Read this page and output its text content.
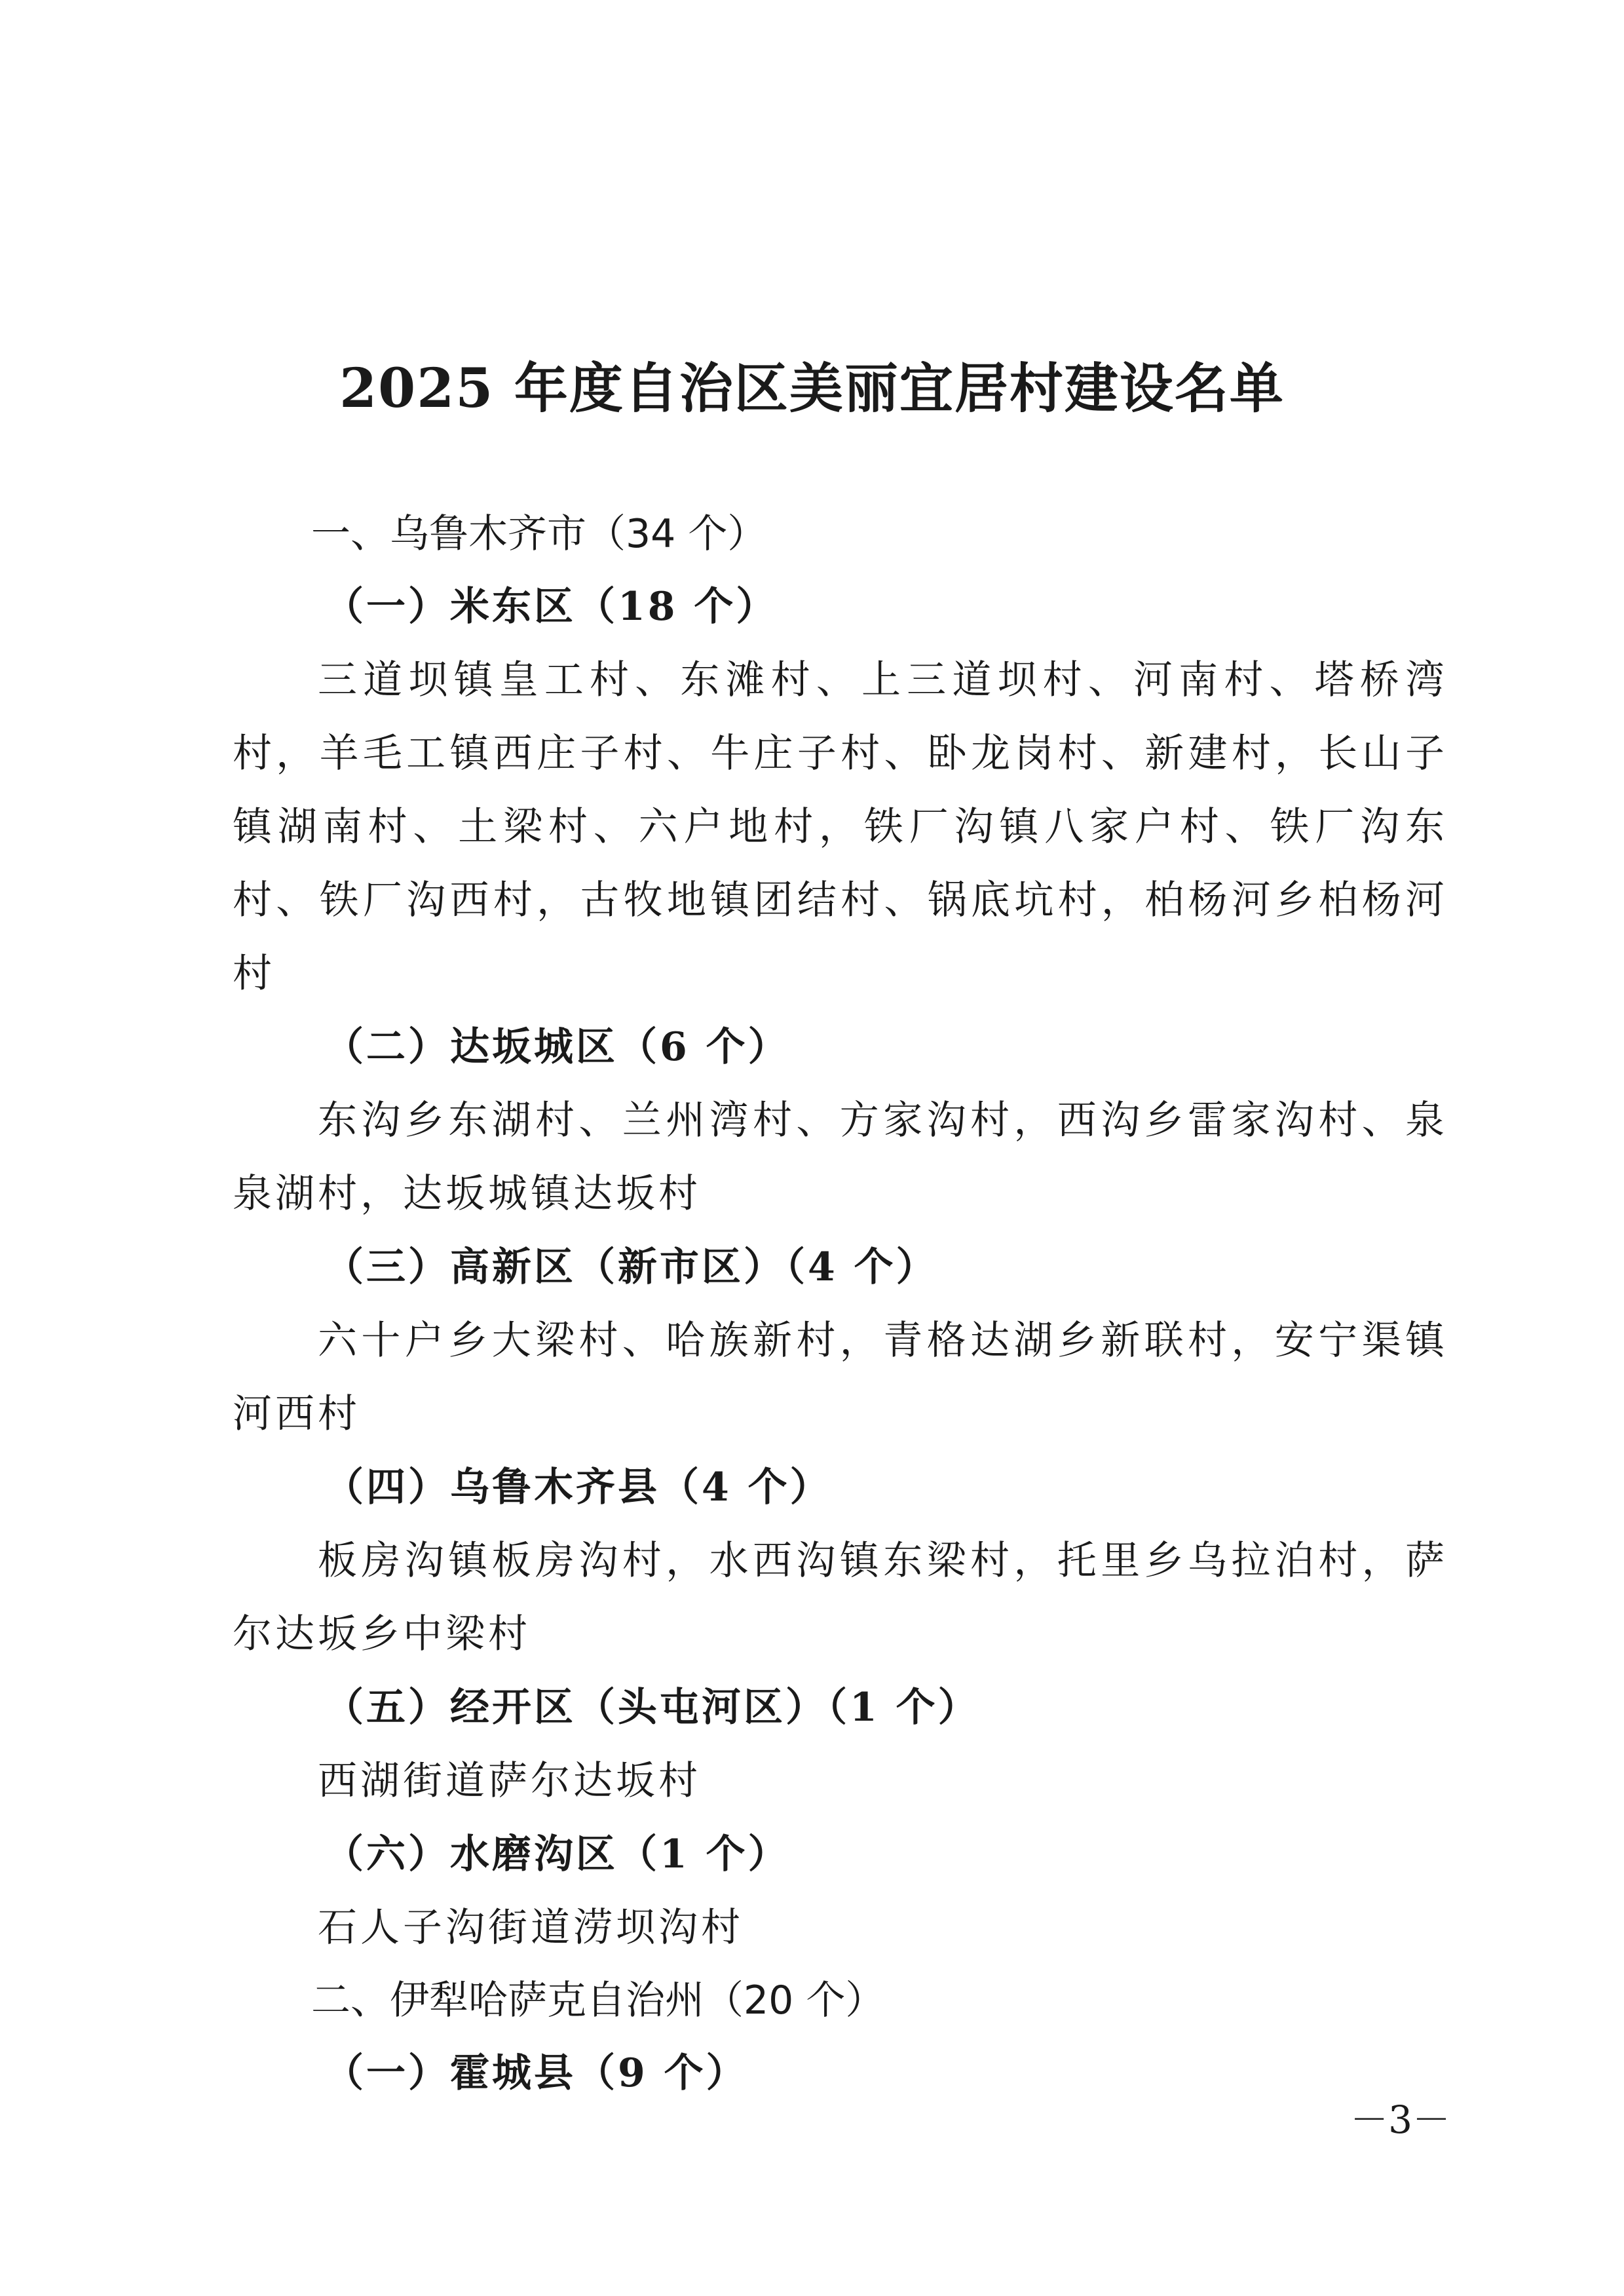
2025 年度自治区美丽宜居村建设名单

一、乌鲁木齐市（34 个）

（一）米东区（18 个）

三道坝镇皇工村、东滩村、上三道坝村、河南村、塔桥湾村，羊毛工镇西庄子村、牛庄子村、卧龙岗村、新建村，长山子镇湖南村、土梁村、六户地村，铁厂沟镇八家户村、铁厂沟东村、铁厂沟西村，古牧地镇团结村、锅底坑村，柏杨河乡柏杨河村

（二）达坂城区（6 个）

东沟乡东湖村、兰州湾村、方家沟村，西沟乡雷家沟村、泉泉湖村，达坂城镇达坂村

（三）高新区（新市区）（4 个）

六十户乡大梁村、哈族新村，青格达湖乡新联村，安宁渠镇河西村

（四）乌鲁木齐县（4 个）

板房沟镇板房沟村，水西沟镇东梁村，托里乡乌拉泊村，萨尔达坂乡中梁村

（五）经开区（头屯河区）（1 个）

西湖街道萨尔达坂村

（六）水磨沟区（1 个）

石人子沟街道涝坝沟村

二、伊犁哈萨克自治州（20 个）

（一）霍城县（9 个）

－3－
